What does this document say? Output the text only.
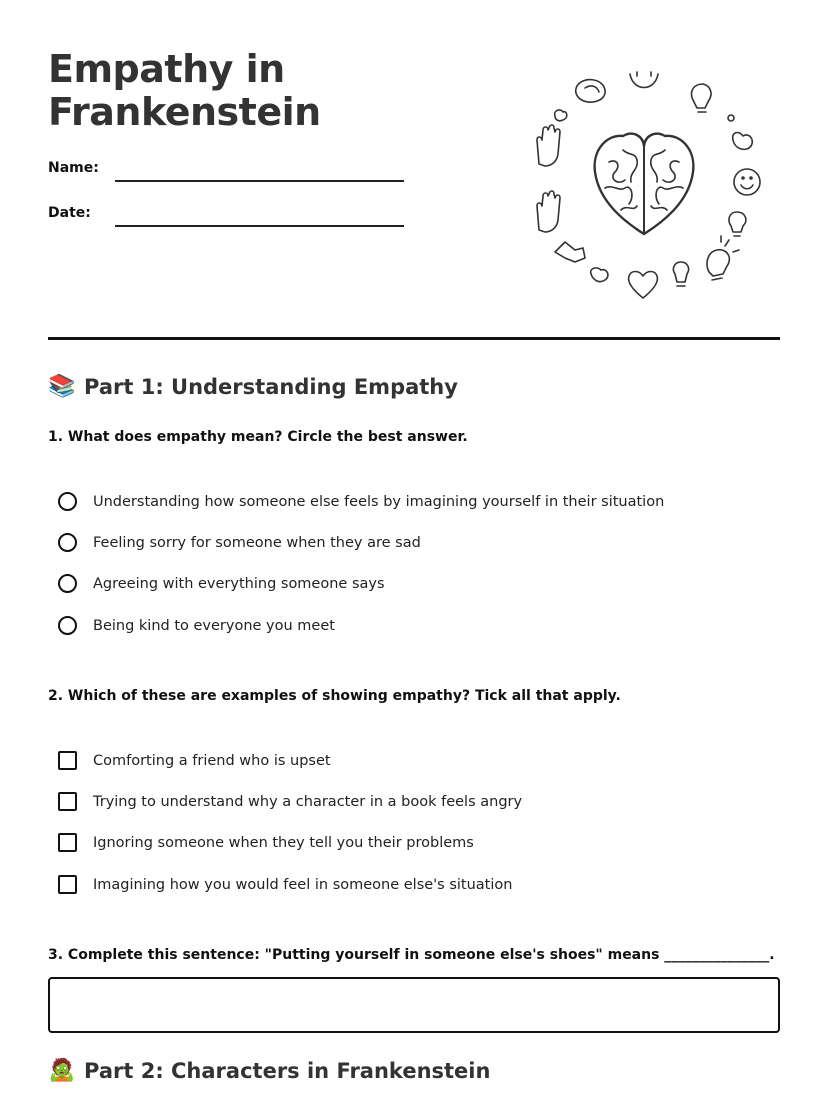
Empathy in
Frankenstein
Name:
Date:
📚 Part 1: Understanding Empathy
1. What does empathy mean? Circle the best answer.
Understanding how someone else feels by imagining yourself in their situation
Feeling sorry for someone when they are sad
Agreeing with everything someone says
Being kind to everyone you meet
2. Which of these are examples of showing empathy? Tick all that apply.
Comforting a friend who is upset
Trying to understand why a character in a book feels angry
Ignoring someone when they tell you their problems
Imagining how you would feel in someone else's situation
3. Complete this sentence: "Putting yourself in someone else's shoes" means _______________.
🧟 Part 2: Characters in Frankenstein
